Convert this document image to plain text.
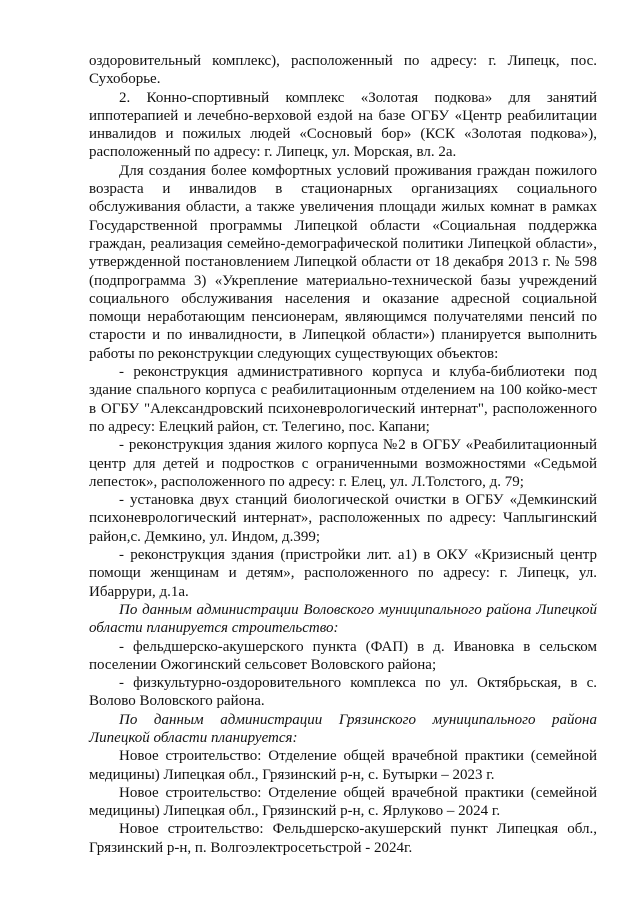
оздоровительный комплекс), расположенный по адресу: г. Липецк, пос. Сухоборье.

2. Конно-спортивный комплекс «Золотая подкова» для занятий иппотерапией и лечебно-верховой ездой на базе ОГБУ «Центр реабилитации инвалидов и пожилых людей «Сосновый бор» (КСК «Золотая подкова»), расположенный по адресу: г. Липецк, ул. Морская, вл. 2а.

Для создания более комфортных условий проживания граждан пожилого возраста и инвалидов в стационарных организациях социального обслуживания области, а также увеличения площади жилых комнат в рамках Государственной программы Липецкой области «Социальная поддержка граждан, реализация семейно-демографической политики Липецкой области», утвержденной постановлением Липецкой области от 18 декабря 2013 г. № 598 (подпрограмма 3) «Укрепление материально-технической базы учреждений социального обслуживания населения и оказание адресной социальной помощи неработающим пенсионерам, являющимся получателями пенсий по старости и по инвалидности, в Липецкой области») планируется выполнить работы по реконструкции следующих существующих объектов:

- реконструкция административного корпуса и клуба-библиотеки под здание спального корпуса с реабилитационным отделением на 100 койко-мест в ОГБУ "Александровский психоневрологический интернат", расположенного по адресу: Елецкий район, ст. Телегино, пос. Капани;

- реконструкция здания жилого корпуса №2 в ОГБУ «Реабилитационный центр для детей и подростков с ограниченными возможностями «Седьмой лепесток», расположенного по адресу: г. Елец, ул. Л.Толстого, д. 79;

- установка двух станций биологической очистки в ОГБУ «Демкинский психоневрологический интернат», расположенных по адресу: Чаплыгинский район,с. Демкино, ул. Индом, д.399;

- реконструкция здания (пристройки лит. а1) в ОКУ «Кризисный центр помощи женщинам и детям», расположенного по адресу: г. Липецк, ул. Ибаррури, д.1а.

По данным администрации Воловского муниципального района Липецкой области планируется строительство:

- фельдшерско-акушерского пункта (ФАП) в д. Ивановка в сельском поселении Ожогинский сельсовет Воловского района;

- физкультурно-оздоровительного комплекса по ул. Октябрьская, в с. Волово Воловского района.

По данным администрации Грязинского муниципального района Липецкой области планируется:

Новое строительство: Отделение общей врачебной практики (семейной медицины) Липецкая обл., Грязинский р-н, с. Бутырки – 2023 г.

Новое строительство: Отделение общей врачебной практики (семейной медицины) Липецкая обл., Грязинский р-н, с. Ярлуково – 2024 г.

Новое строительство: Фельдшерско-акушерский пункт Липецкая обл., Грязинский р-н, п. Волгоэлектросетьстрой - 2024г.
